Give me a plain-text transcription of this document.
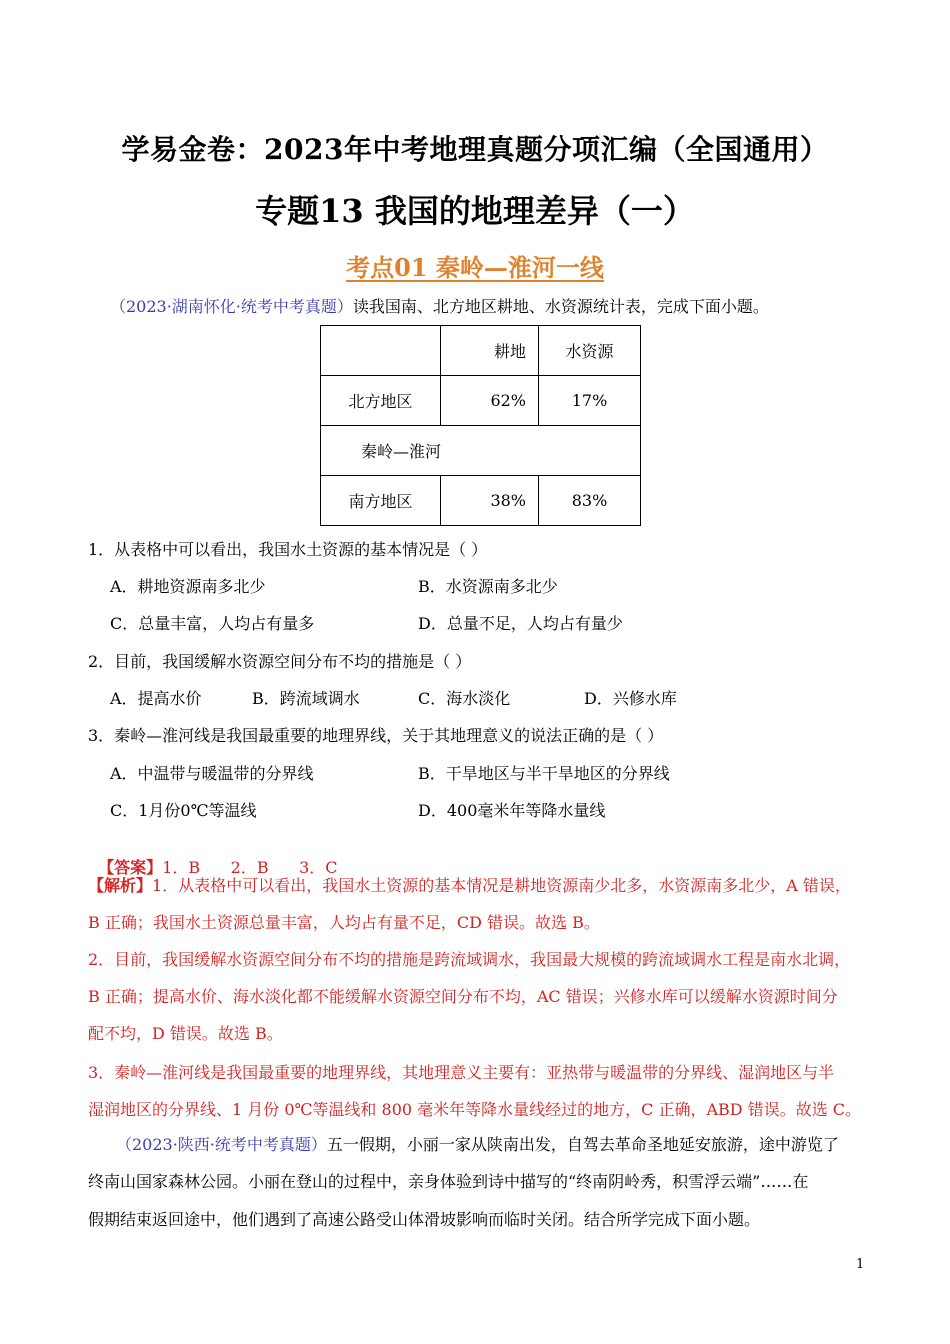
学易金卷：2023年中考地理真题分项汇编（全国通用）
专题13 我国的地理差异（一）
考点01 秦岭—淮河一线
（2023·湖南怀化·统考中考真题）读我国南、北方地区耕地、水资源统计表，完成下面小题。
	耕地	水资源
北方地区	62%	17%
秦岭—淮河		
南方地区	38%	83%
1．从表格中可以看出，我国水土资源的基本情况是（ ）
A．耕地资源南多北少	B．水资源南多北少
C．总量丰富，人均占有量多	D．总量不足，人均占有量少
2．目前，我国缓解水资源空间分布不均的措施是（ ）
A．提高水价	B．跨流域调水	C．海水淡化	D．兴修水库
3．秦岭—淮河线是我国最重要的地理界线，关于其地理意义的说法正确的是（ ）
A．中温带与暖温带的分界线	B．干旱地区与半干旱地区的分界线
C．1月份0℃等温线	D．400毫米年等降水量线

【答案】1．B      2．B      3．C

【解析】1．从表格中可以看出，我国水土资源的基本情况是耕地资源南少北多，水资源南多北少，A 错误，
B 正确；我国水土资源总量丰富，人均占有量不足，CD 错误。故选 B。
2．目前，我国缓解水资源空间分布不均的措施是跨流域调水，我国最大规模的跨流域调水工程是南水北调，
B 正确；提高水价、海水淡化都不能缓解水资源空间分布不均，AC 错误；兴修水库可以缓解水资源时间分
配不均，D 错误。故选 B。
3．秦岭—淮河线是我国最重要的地理界线，其地理意义主要有：亚热带与暖温带的分界线、湿润地区与半
湿润地区的分界线、1 月份 0℃等温线和 800 毫米年等降水量线经过的地方，C 正确，ABD 错误。故选 C。
（2023·陕西·统考中考真题）五一假期，小丽一家从陕南出发，自驾去革命圣地延安旅游，途中游览了
终南山国家森林公园。小丽在登山的过程中，亲身体验到诗中描写的“终南阴岭秀，积雪浮云端”……在
假期结束返回途中，他们遇到了高速公路受山体滑坡影响而临时关闭。结合所学完成下面小题。
1
